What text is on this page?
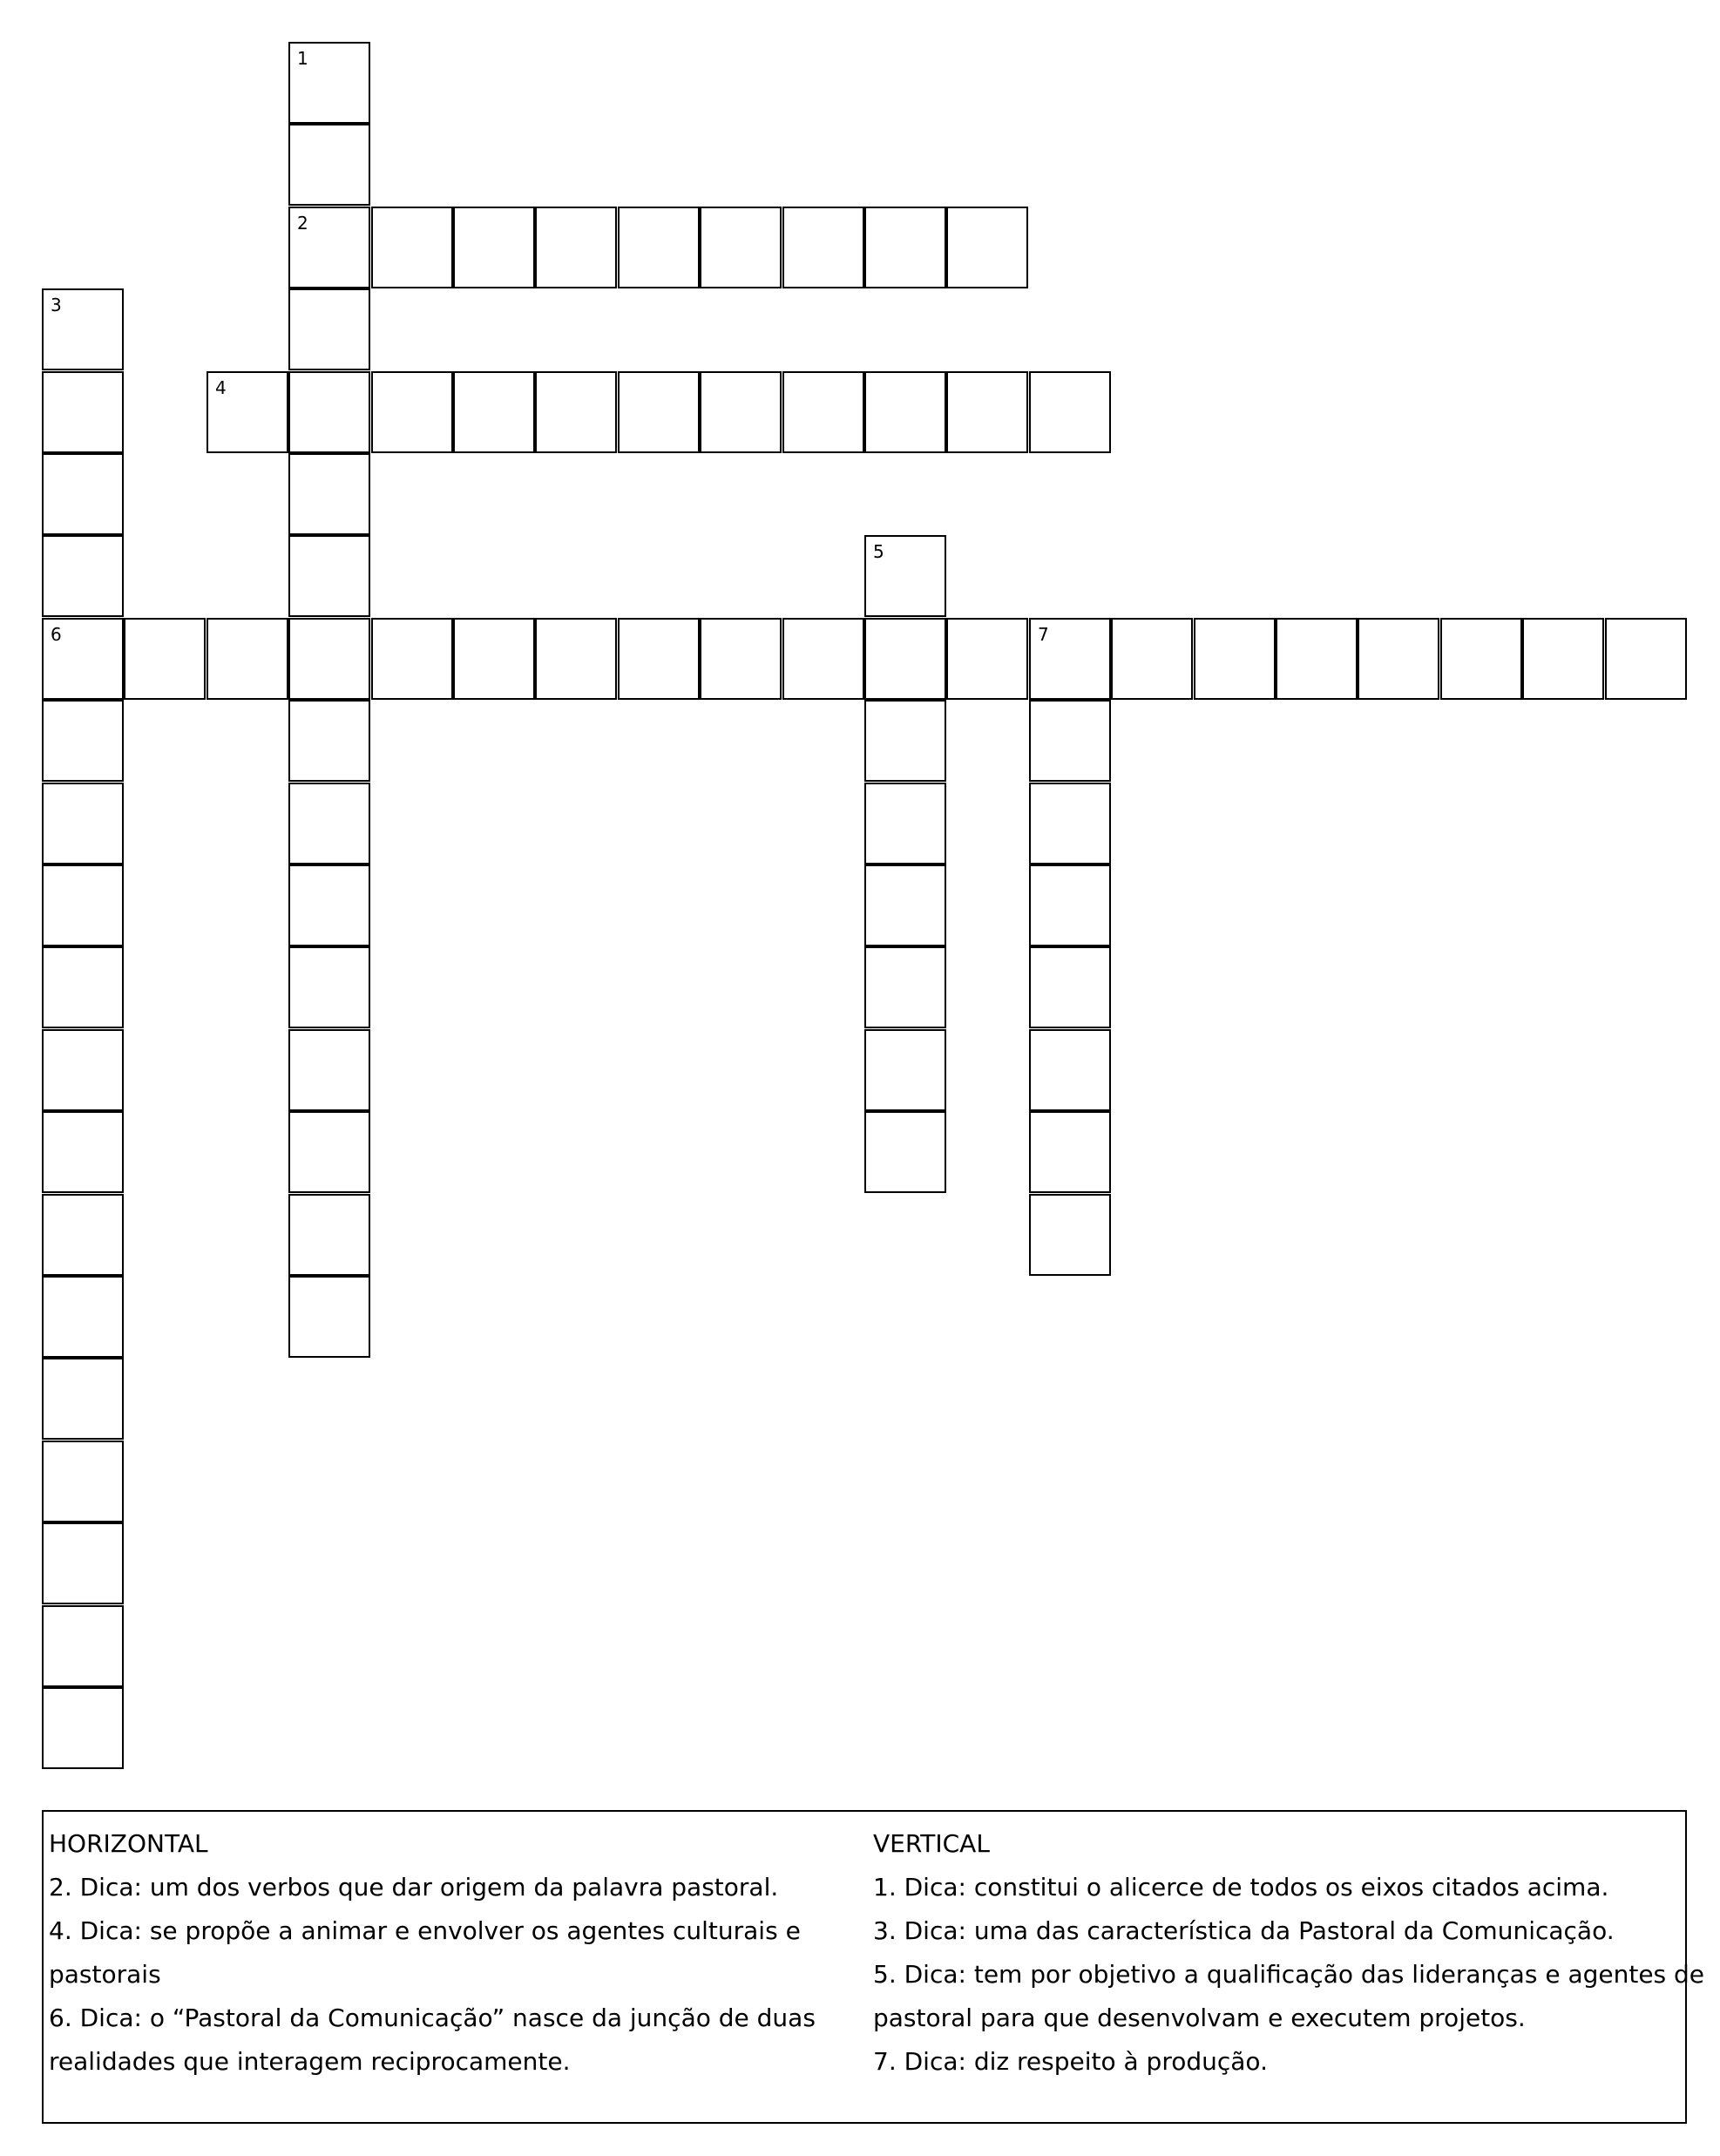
1
2
3
6
4
5
7
HORIZONTAL
2. Dica: um dos verbos que dar origem da palavra pastoral.
4. Dica: se propõe a animar e envolver os agentes culturais e
pastorais
6. Dica: o “Pastoral da Comunicação” nasce da junção de duas
realidades que interagem reciprocamente.
VERTICAL
1. Dica: constitui o alicerce de todos os eixos citados acima.
3. Dica: uma das característica da Pastoral da Comunicação.
5. Dica: tem por objetivo a qualificação das lideranças e agentes de
pastoral para que desenvolvam e executem projetos.
7. Dica: diz respeito à produção.
